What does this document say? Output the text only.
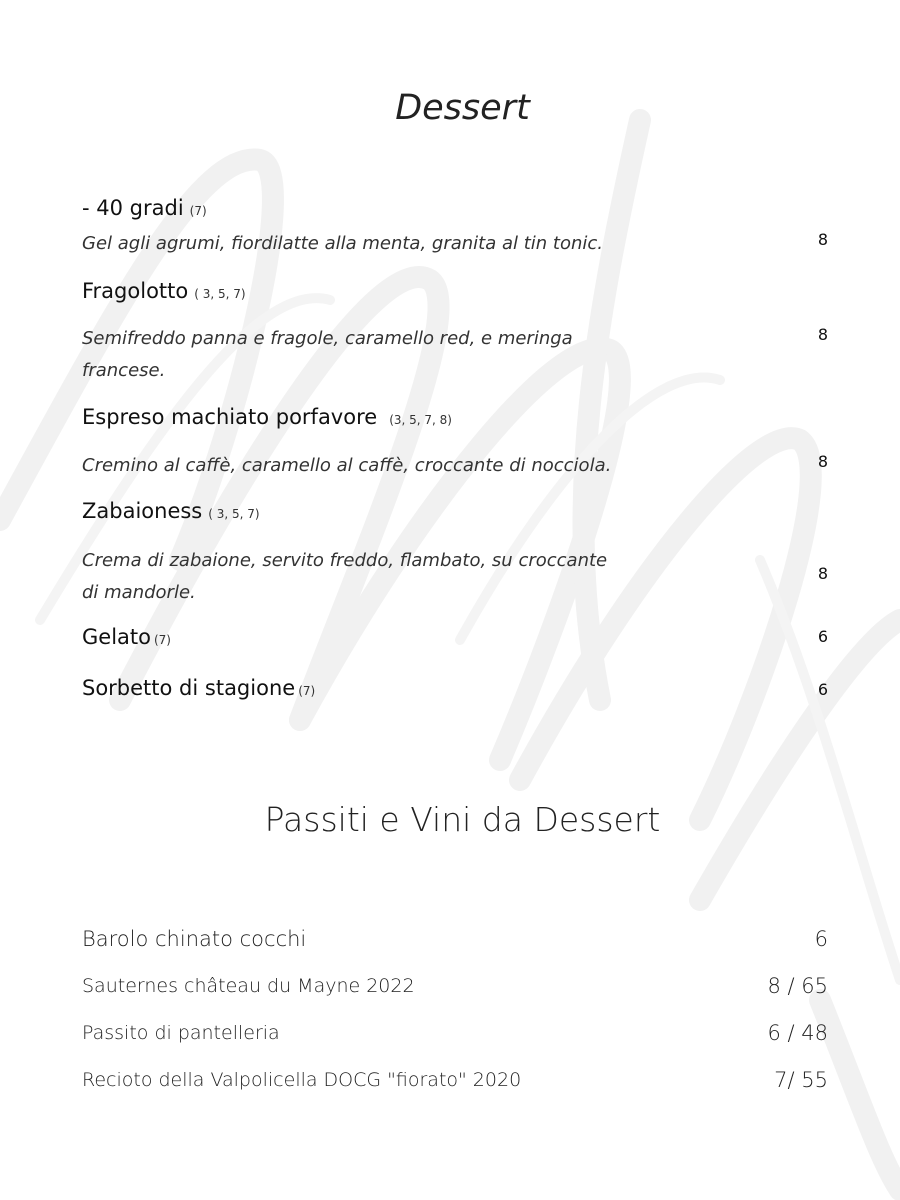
Dessert
- 40 gradi (7)
Gel agli agrumi, fiordilatte alla menta, granita al tin tonic.	8
Fragolotto ( 3, 5, 7)
Semifreddo panna e fragole, caramello red, e meringa
francese.
8
Espreso machiato porfavore (3, 5, 7, 8)
Cremino al caffè, caramello al caffè, croccante di nocciola.	8
Zabaioness ( 3, 5, 7)
Crema di zabaione, servito freddo, flambato, su croccante
di mandorle.
8
Gelato (7)	6
Sorbetto di stagione (7)	6
Passiti e Vini da Dessert
Barolo chinato cocchi	6
Sauternes château du Mayne 2022	8 / 65
Passito di pantelleria	6 / 48
Recioto della Valpolicella DOCG "fiorato" 2020	7/ 55
